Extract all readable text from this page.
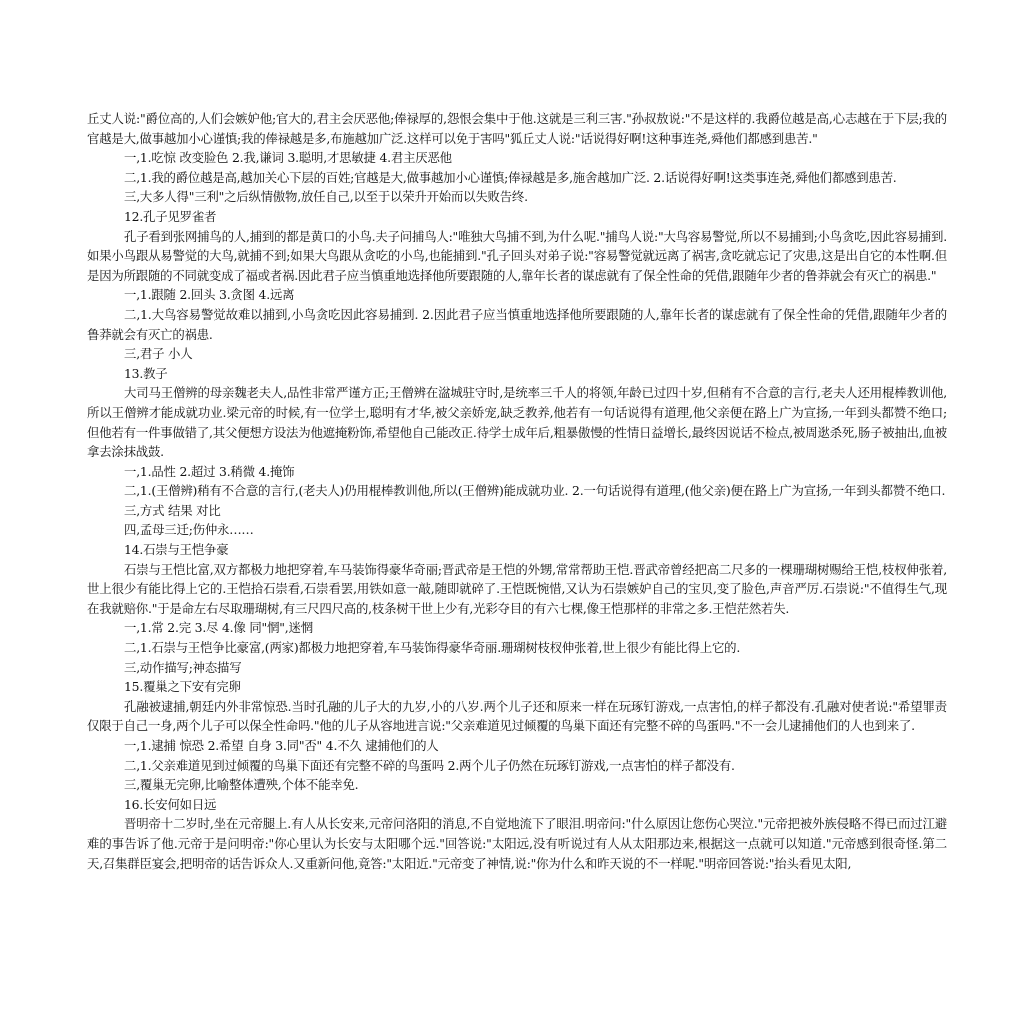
丘丈人说:"爵位高的,人们会嫉妒他;官大的,君主会厌恶他;俸禄厚的,怨恨会集中于他.这就是三利三害."孙叔敖说:"不是这样的.我爵位越是高,心志越在于下层;我的官越是大,做事越加小心谨慎;我的俸禄越是多,布施越加广泛.这样可以免于害吗"狐丘丈人说:"话说得好啊!这种事连尧,舜他们都感到患苦."

一,1.吃惊 改变脸色 2.我,谦词 3.聪明,才思敏捷 4.君主厌恶他

二,1.我的爵位越是高,越加关心下层的百姓;官越是大,做事越加小心谨慎;俸禄越是多,施舍越加广泛. 2.话说得好啊!这类事连尧,舜他们都感到患苦.

三,大多人得"三利"之后纵情傲物,放任自己,以至于以荣升开始而以失败告终.

12.孔子见罗雀者

孔子看到张网捕鸟的人,捕到的都是黄口的小鸟.夫子问捕鸟人:"唯独大鸟捕不到,为什么呢."捕鸟人说:"大鸟容易警觉,所以不易捕到;小鸟贪吃,因此容易捕到.如果小鸟跟从易警觉的大鸟,就捕不到;如果大鸟跟从贪吃的小鸟,也能捕到."孔子回头对弟子说:"容易警觉就远离了祸害,贪吃就忘记了灾患,这是出自它的本性啊.但是因为所跟随的不同就变成了福或者祸.因此君子应当慎重地选择他所要跟随的人,靠年长者的谋虑就有了保全性命的凭借,跟随年少者的鲁莽就会有灭亡的祸患."

一,1.跟随 2.回头 3.贪图 4.远离

二,1.大鸟容易警觉故难以捕到,小鸟贪吃因此容易捕到. 2.因此君子应当慎重地选择他所要跟随的人,靠年长者的谋虑就有了保全性命的凭借,跟随年少者的鲁莽就会有灭亡的祸患.

三,君子 小人

13.教子

大司马王僧辨的母亲魏老夫人,品性非常严谨方正;王僧辨在湓城驻守时,是统率三千人的将领,年龄已过四十岁,但稍有不合意的言行,老夫人还用棍棒教训他,所以王僧辨才能成就功业.梁元帝的时候,有一位学士,聪明有才华,被父亲娇宠,缺乏教养,他若有一句话说得有道理,他父亲便在路上广为宣扬,一年到头都赞不绝口;但他若有一件事做错了,其父便想方设法为他遮掩粉饰,希望他自己能改正.待学士成年后,粗暴傲慢的性情日益增长,最终因说话不检点,被周逖杀死,肠子被抽出,血被拿去涂抹战鼓.

一,1.品性 2.超过 3.稍微 4.掩饰

二,1.(王僧辨)稍有不合意的言行,(老夫人)仍用棍棒教训他,所以(王僧辨)能成就功业. 2.一句话说得有道理,(他父亲)便在路上广为宣扬,一年到头都赞不绝口.

三,方式 结果 对比

四,孟母三迁;伤仲永……

14.石崇与王恺争豪

石崇与王恺比富,双方都极力地把穿着,车马装饰得豪华奇丽;晋武帝是王恺的外甥,常常帮助王恺.晋武帝曾经把高二尺多的一棵珊瑚树赐给王恺,枝杈伸张着,世上很少有能比得上它的.王恺拾石崇看,石崇看罢,用铁如意一敲,随即就碎了.王恺既惋惜,又认为石崇嫉妒自己的宝贝,变了脸色,声音严厉.石崇说:"不值得生气,现在我就赔你."于是命左右尽取珊瑚树,有三尺四尺高的,枝条树干世上少有,光彩夺目的有六七棵,像王恺那样的非常之多.王恺茫然若失.

一,1.常 2.完 3.尽 4.像 同"惘",迷惘

二,1.石崇与王恺争比豪富,(两家)都极力地把穿着,车马装饰得豪华奇丽.珊瑚树枝杈伸张着,世上很少有能比得上它的.

三,动作描写;神态描写

15.覆巢之下安有完卵

孔融被逮捕,朝廷内外非常惊恐.当时孔融的儿子大的九岁,小的八岁.两个儿子还和原来一样在玩琢钉游戏,一点害怕,的样子都没有.孔融对使者说:"希望罪责仅限于自己一身,两个儿子可以保全性命吗."他的儿子从容地进言说:"父亲难道见过倾覆的鸟巢下面还有完整不碎的鸟蛋吗."不一会儿逮捕他们的人也到来了.

一,1.逮捕 惊恐 2.希望 自身 3.同"否" 4.不久 逮捕他们的人

二,1.父亲难道见到过倾覆的鸟巢下面还有完整不碎的鸟蛋吗 2.两个儿子仍然在玩琢钉游戏,一点害怕的样子都没有.

三,覆巢无完卵,比喻整体遭殃,个体不能幸免.

16.长安何如日远

晋明帝十二岁时,坐在元帝腿上.有人从长安来,元帝问洛阳的消息,不自觉地流下了眼泪.明帝问:"什么原因让您伤心哭泣."元帝把被外族侵略不得已而过江避难的事告诉了他.元帝于是问明帝:"你心里认为长安与太阳哪个远."回答说:"太阳远,没有听说过有人从太阳那边来,根据这一点就可以知道."元帝感到很奇怪.第二天,召集群臣宴会,把明帝的话告诉众人.又重新问他,竟答:"太阳近."元帝变了神情,说:"你为什么和昨天说的不一样呢."明帝回答说:"抬头看见太阳,
